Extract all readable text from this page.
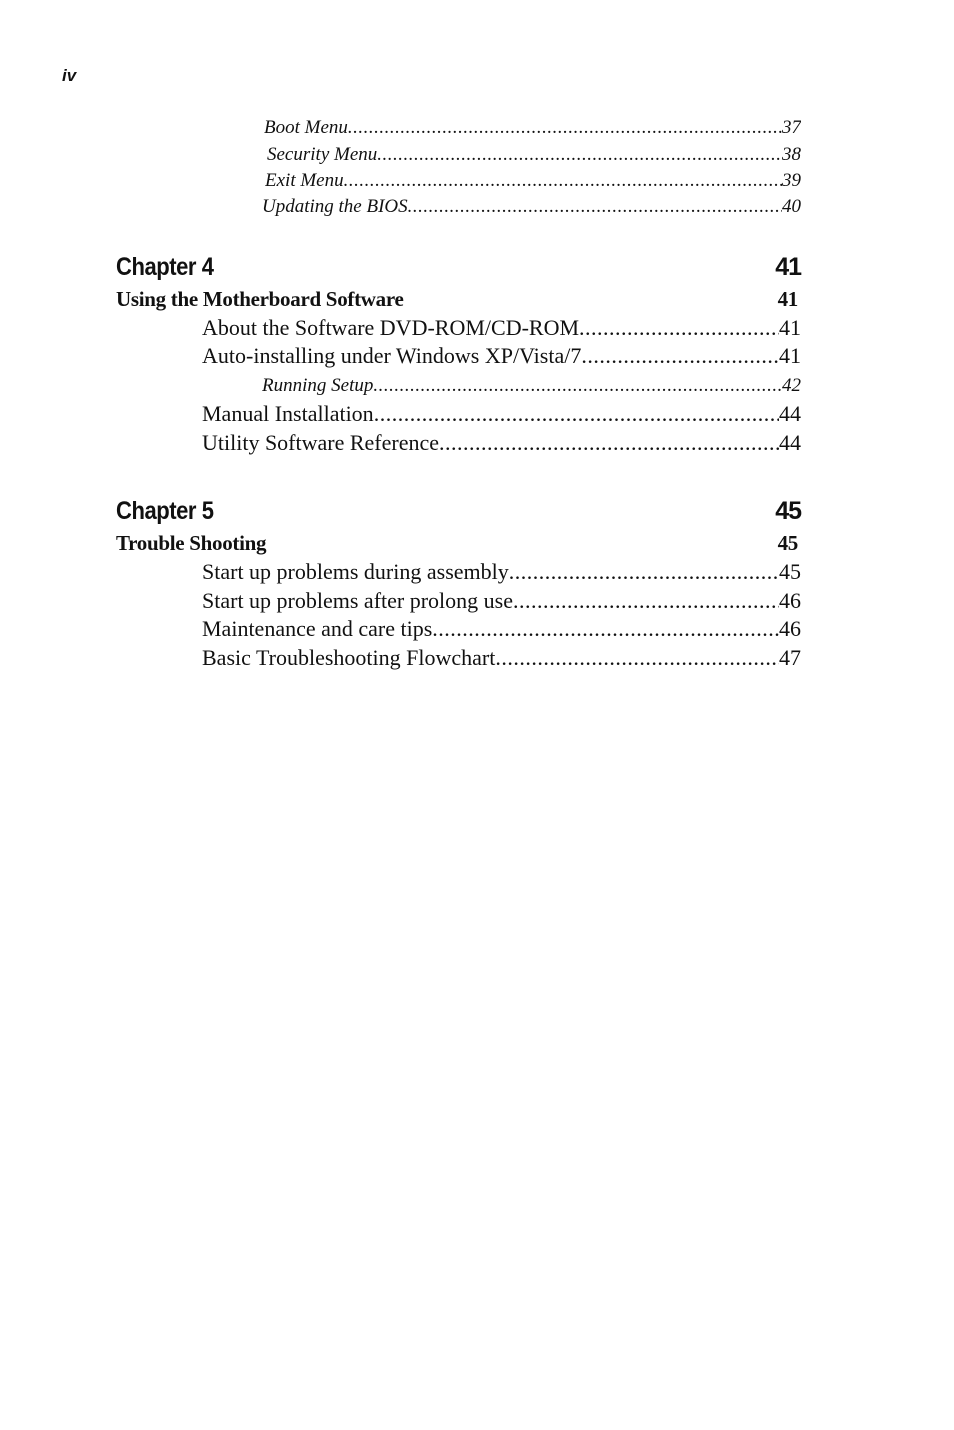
iv
Boot Menu .....	37
Security Menu .....	38
Exit Menu .....	39
Updating the BIOS .....	40
Chapter 4	41
Using the Motherboard Software	41
About the Software DVD-ROM/CD-ROM .....	41
Auto-installing under Windows XP/Vista/7 .....	41
Running Setup .....	42
Manual Installation .....	44
Utility Software Reference .....	44
Chapter 5	45
Trouble Shooting	45
Start up problems during assembly .....	45
Start up problems after prolong use .....	46
Maintenance and care tips .....	46
Basic Troubleshooting Flowchart .....	47
